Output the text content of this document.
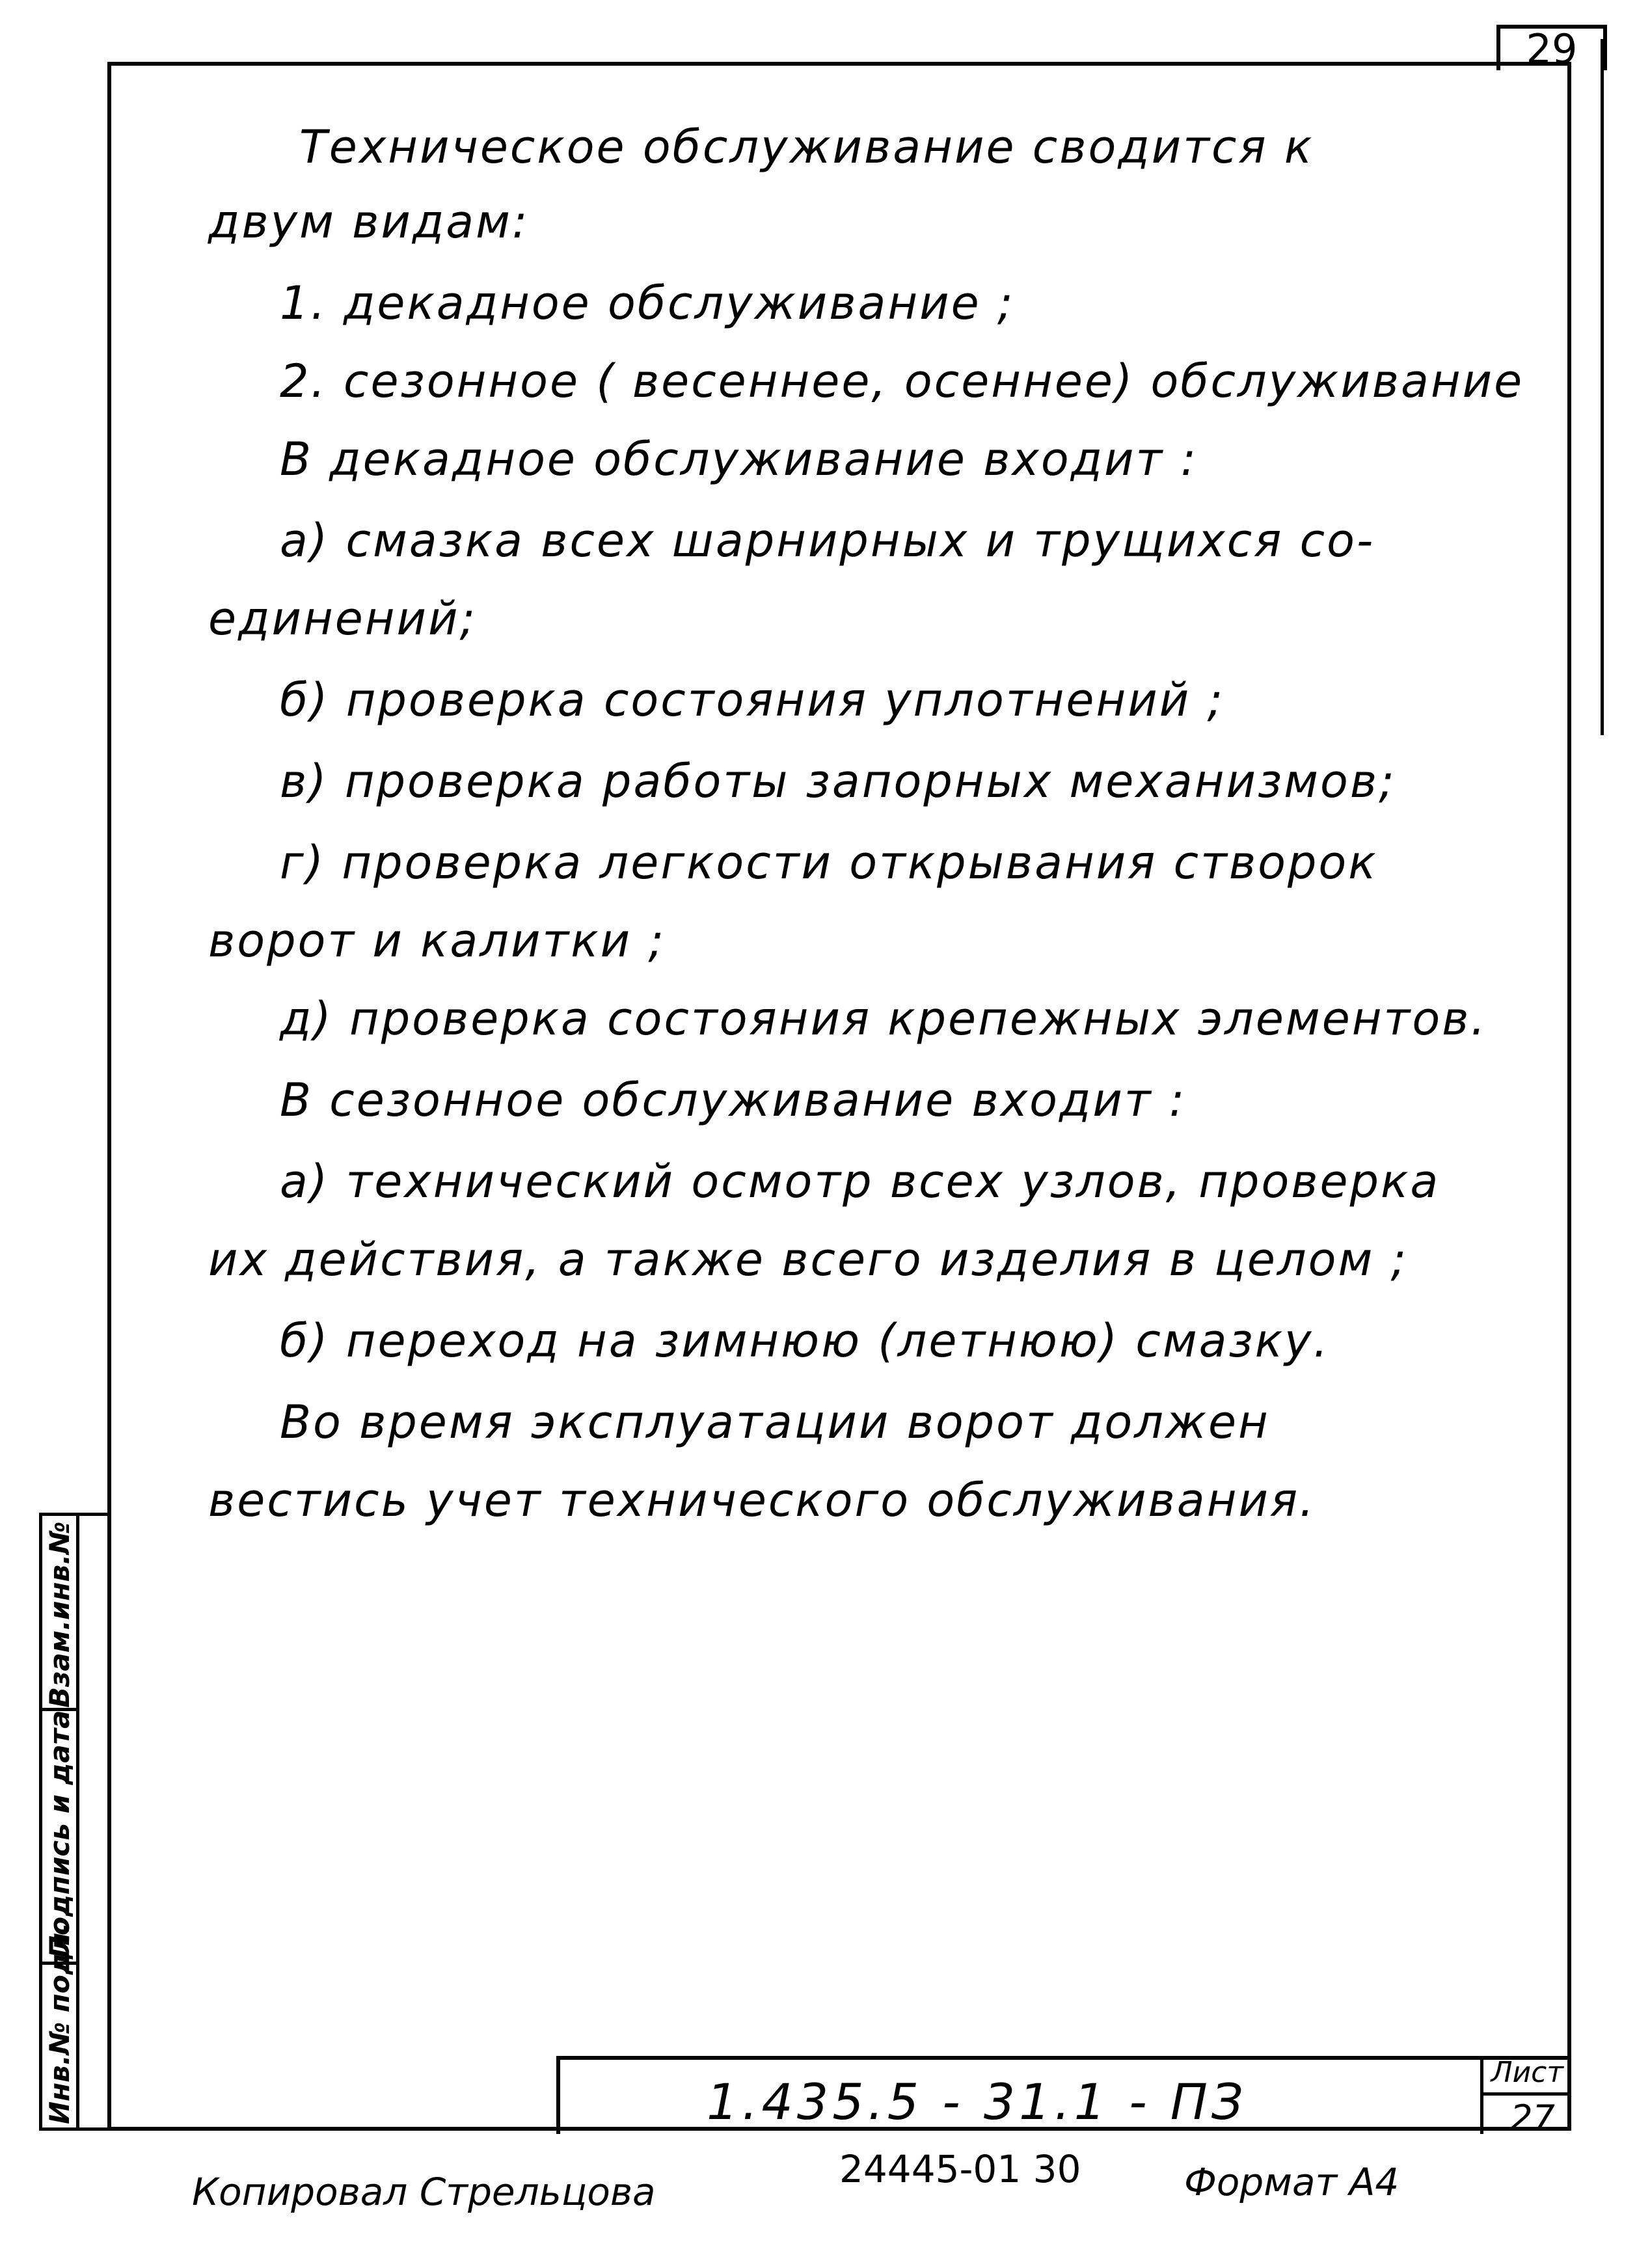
29
Техническое обслуживание сводится к
двум видам:
1. декадное обслуживание ;
2. сезонное ( весеннее, осеннее) обслуживание
В декадное обслуживание входит :
а) смазка всех шарнирных и трущихся со-
единений;
б) проверка состояния уплотнений ;
в) проверка работы запорных механизмов;
г) проверка легкости открывания створок
ворот и калитки ;
д) проверка состояния крепежных элементов.
В сезонное обслуживание входит :
а) технический осмотр всех узлов, проверка
их действия, а также всего изделия в целом ;
б) переход на зимнюю (летнюю) смазку.
Во время эксплуатации ворот должен
вестись учет технического обслуживания.
Взам.инв.№
Подпись и дата
Инв.№ подл.	1.435.5 - 31.1 - ПЗ
Лист
27
Копировал Стрельцова
24445-01 30	Формат А4
